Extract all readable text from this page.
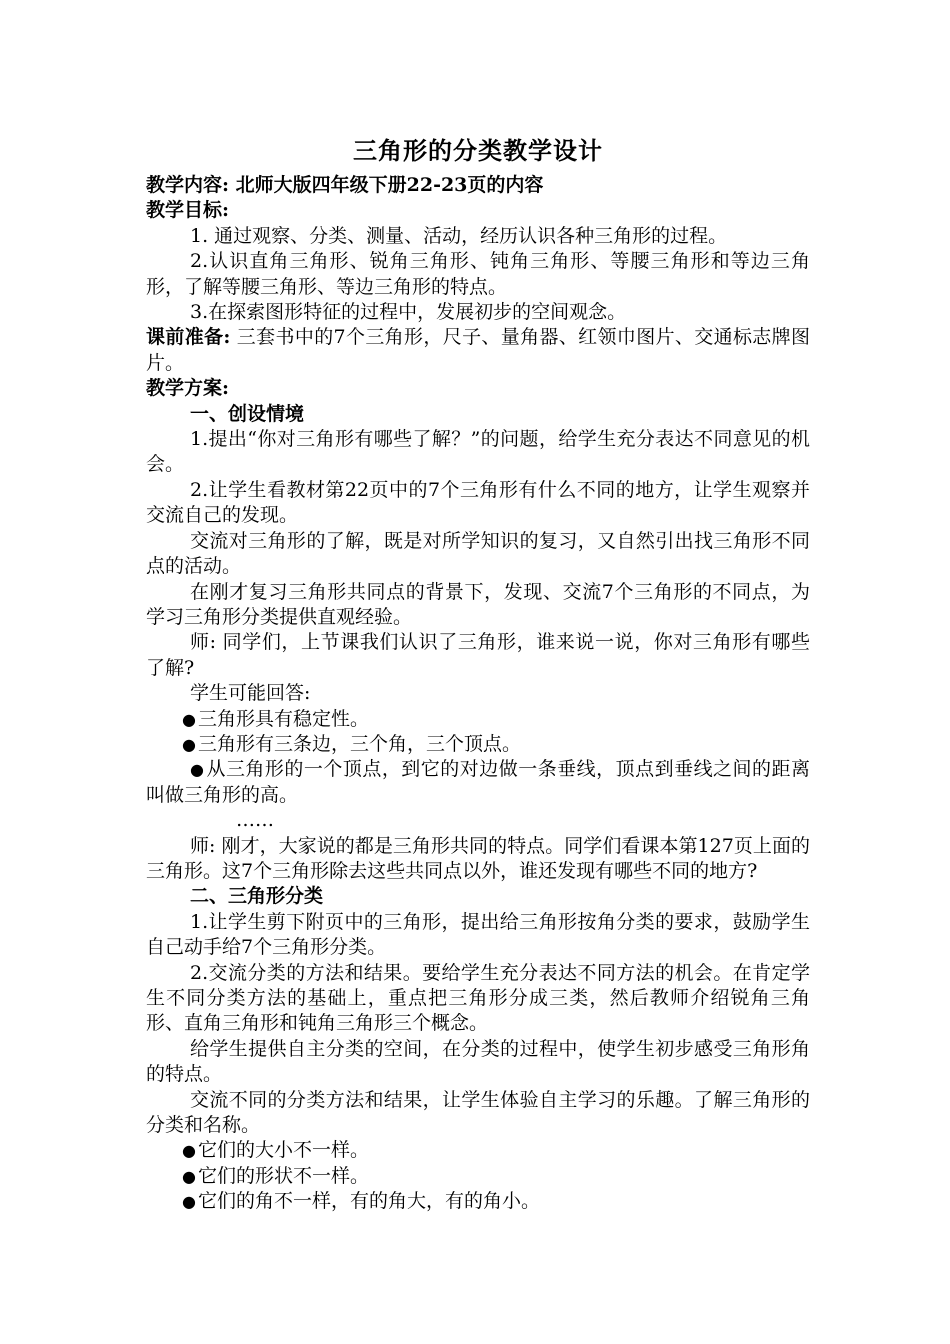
三角形的分类教学设计

教学内容: 北师大版四年级下册22-23页的内容

教学目标:

1. 通过观察、分类、测量、活动，经历认识各种三角形的过程。

2.认识直角三角形、锐角三角形、钝角三角形、等腰三角形和等边三角形，了解等腰三角形、等边三角形的特点。

3.在探索图形特征的过程中，发展初步的空间观念。

课前准备: 三套书中的7个三角形，尺子、量角器、红领巾图片、交通标志牌图片。

教学方案:

一、创设情境

1.提出“你对三角形有哪些了解？”的问题，给学生充分表达不同意见的机会。

2.让学生看教材第22页中的7个三角形有什么不同的地方，让学生观察并交流自己的发现。

交流对三角形的了解，既是对所学知识的复习，又自然引出找三角形不同点的活动。

在刚才复习三角形共同点的背景下，发现、交流7个三角形的不同点，为学习三角形分类提供直观经验。

师: 同学们，上节课我们认识了三角形，谁来说一说，你对三角形有哪些了解?

学生可能回答:

● 三角形具有稳定性。

● 三角形有三条边，三个角，三个顶点。

● 从三角形的一个顶点，到它的对边做一条垂线，顶点到垂线之间的距离叫做三角形的高。

……

师: 刚才，大家说的都是三角形共同的特点。同学们看课本第127页上面的三角形。这7个三角形除去这些共同点以外，谁还发现有哪些不同的地方?

二、三角形分类

1.让学生剪下附页中的三角形，提出给三角形按角分类的要求，鼓励学生自己动手给7个三角形分类。

2.交流分类的方法和结果。要给学生充分表达不同方法的机会。在肯定学生不同分类方法的基础上，重点把三角形分成三类，然后教师介绍锐角三角形、直角三角形和钝角三角形三个概念。

给学生提供自主分类的空间，在分类的过程中，使学生初步感受三角形角的特点。

交流不同的分类方法和结果，让学生体验自主学习的乐趣。了解三角形的分类和名称。

● 它们的大小不一样。

● 它们的形状不一样。

● 它们的角不一样，有的角大，有的角小。
